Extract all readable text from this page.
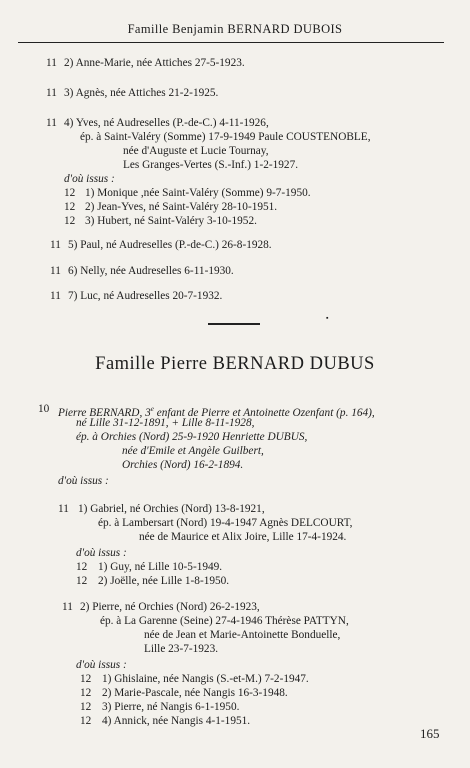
Famille Benjamin BERNARD DUBOIS
11 2) Anne-Marie, née Attiches 27-5-1923.
11 3) Agnès, née Attiches 21-2-1925.
11 4) Yves, né Audreselles (P.-de-C.) 4-11-1926,
ép. à Saint-Valéry (Somme) 17-9-1949 Paule COUSTENOBLE,
née d'Auguste et Lucie Tournay,
Les Granges-Vertes (S.-Inf.) 1-2-1927.
d'où issus :
12 1) Monique ,née Saint-Valéry (Somme) 9-7-1950.
12 2) Jean-Yves, né Saint-Valéry 28-10-1951.
12 3) Hubert, né Saint-Valéry 3-10-1952.
11 5) Paul, né Audreselles (P.-de-C.) 26-8-1928.
11 6) Nelly, née Audreselles 6-11-1930.
11 7) Luc, né Audreselles 20-7-1932.
▪
Famille Pierre BERNARD DUBUS
10 Pierre BERNARD, 3e enfant de Pierre et Antoinette Ozenfant (p. 164),
né Lille 31-12-1891, + Lille 8-11-1928,
ép. à Orchies (Nord) 25-9-1920 Henriette DUBUS,
née d'Emile et Angèle Guilbert,
Orchies (Nord) 16-2-1894.
d'où issus :
11 1) Gabriel, né Orchies (Nord) 13-8-1921,
ép. à Lambersart (Nord) 19-4-1947 Agnès DELCOURT,
née de Maurice et Alix Joire, Lille 17-4-1924.
d'où issus :
12 1) Guy, né Lille 10-5-1949.
12 2) Joëlle, née Lille 1-8-1950.
11 2) Pierre, né Orchies (Nord) 26-2-1923,
ép. à La Garenne (Seine) 27-4-1946 Thérèse PATTYN,
née de Jean et Marie-Antoinette Bonduelle,
Lille 23-7-1923.
d'où issus :
12 1) Ghislaine, née Nangis (S.-et-M.) 7-2-1947.
12 2) Marie-Pascale, née Nangis 16-3-1948.
12 3) Pierre, né Nangis 6-1-1950.
12 4) Annick, née Nangis 4-1-1951.
165
